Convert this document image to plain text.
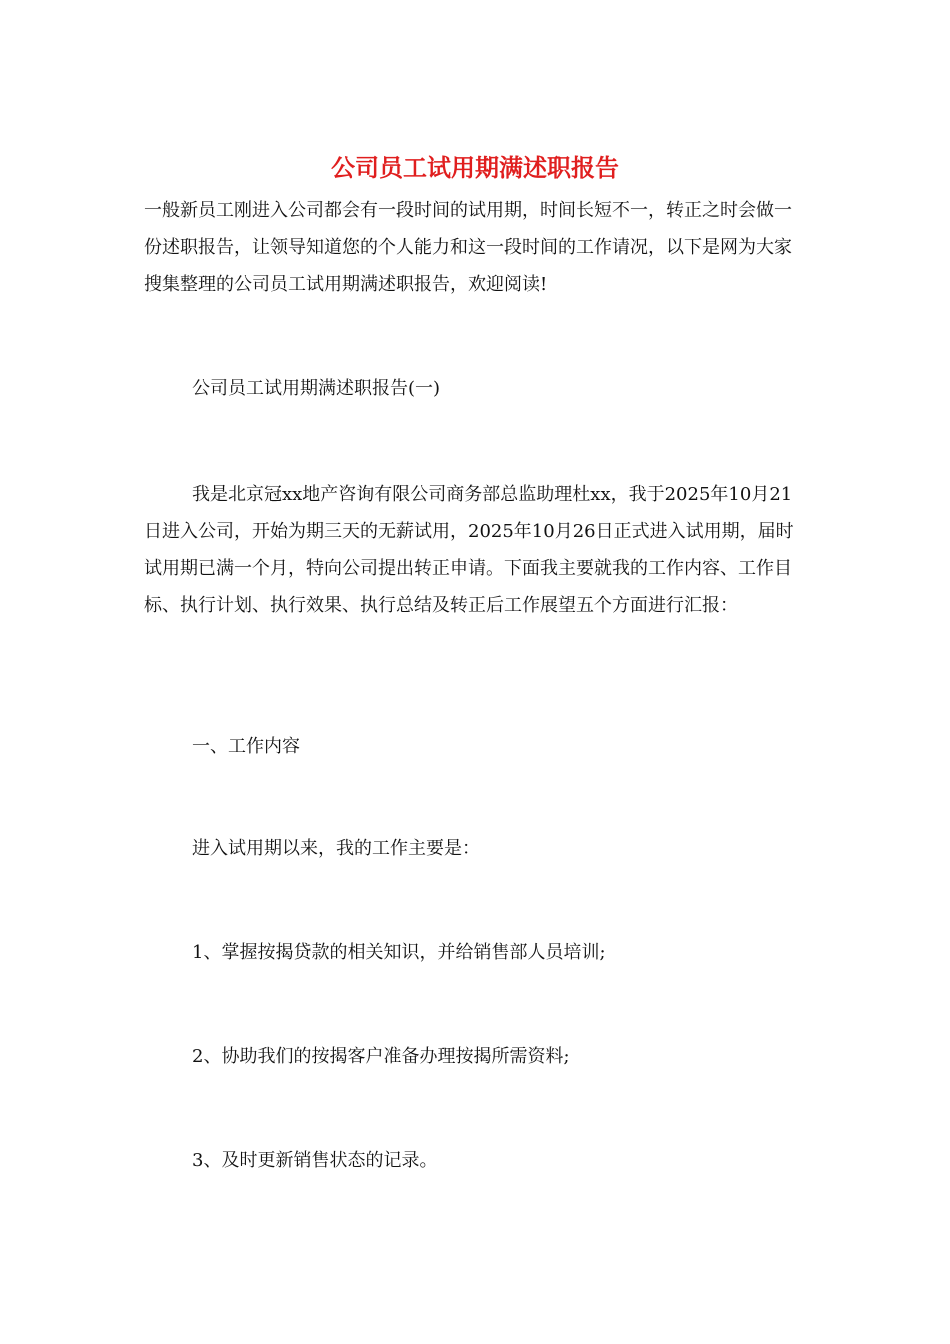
公司员工试用期满述职报告

一般新员工刚进入公司都会有一段时间的试用期，时间长短不一，转正之时会做一份述职报告，让领导知道您的个人能力和这一段时间的工作请况，以下是网为大家搜集整理的公司员工试用期满述职报告，欢迎阅读!

公司员工试用期满述职报告(一)

我是北京冠xx地产咨询有限公司商务部总监助理杜xx，我于2025年10月21日进入公司，开始为期三天的无薪试用，2025年10月26日正式进入试用期，届时试用期已满一个月，特向公司提出转正申请。下面我主要就我的工作内容、工作目标、执行计划、执行效果、执行总结及转正后工作展望五个方面进行汇报：

一、工作内容

进入试用期以来，我的工作主要是：

1、掌握按揭贷款的相关知识，并给销售部人员培训;

2、协助我们的按揭客户准备办理按揭所需资料;

3、及时更新销售状态的记录。
